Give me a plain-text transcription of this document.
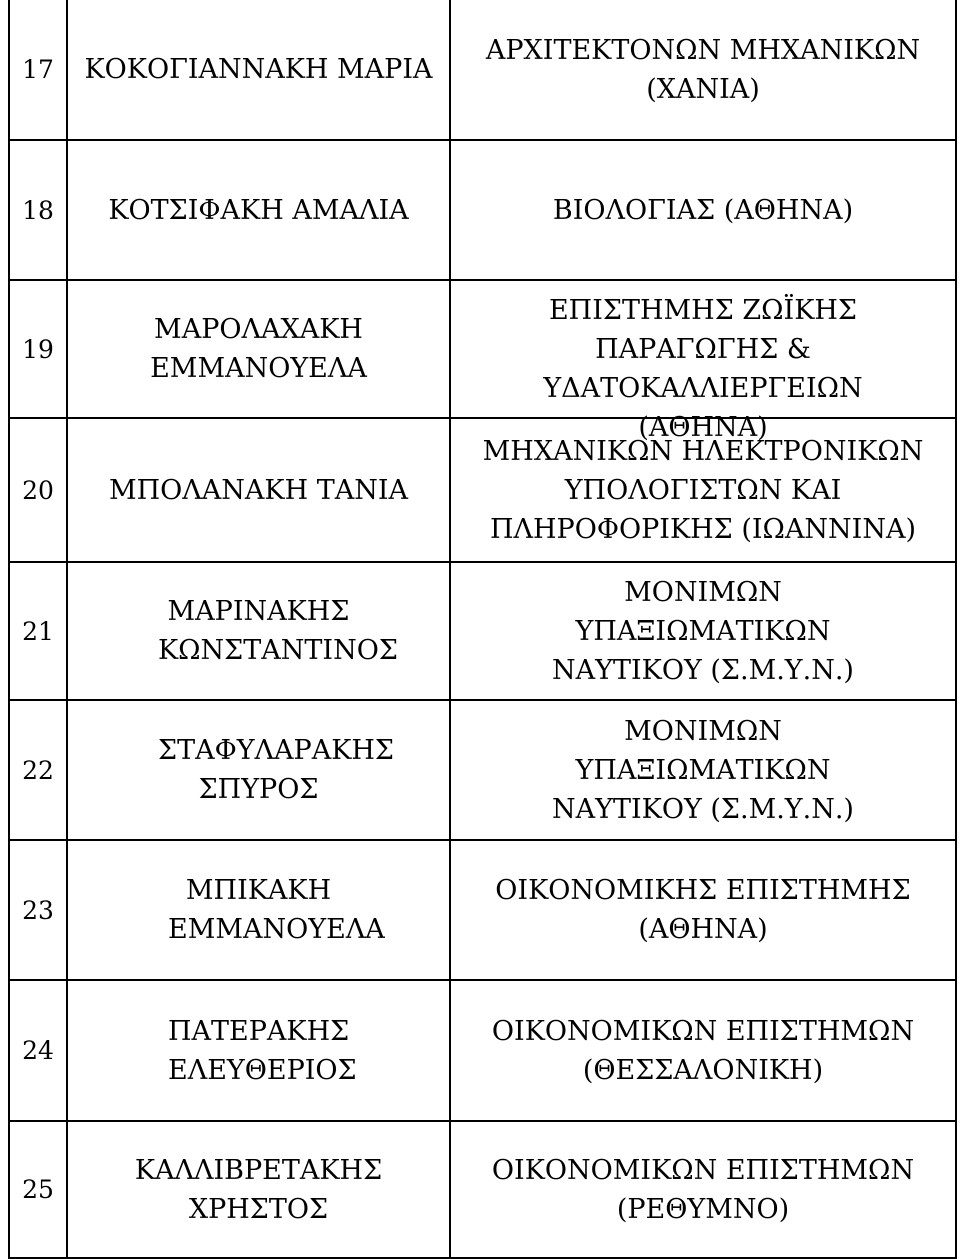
17	ΚΟΚΟΓΙΑΝΝΑΚΗ ΜΑΡΙΑ	ΑΡΧΙΤΕΚΤΟΝΩΝ ΜΗΧΑΝΙΚΩΝ (ΧΑΝΙΑ)
18	ΚΟΤΣΙΦΑΚΗ ΑΜΑΛΙΑ	ΒΙΟΛΟΓΙΑΣ (ΑΘΗΝΑ)
19	ΜΑΡΟΛΑΧΑΚΗ ΕΜΜΑΝΟΥΕΛΑ	ΕΠΙΣΤΗΜΗΣ ΖΩΪΚΗΣ ΠΑΡΑΓΩΓΗΣ & ΥΔΑΤΟΚΑΛΛΙΕΡΓΕΙΩΝ (ΑΘΗΝΑ)

20	ΜΠΟΛΑΝΑΚΗ ΤΑΝΙΑ	ΜΗΧΑΝΙΚΩΝ ΗΛΕΚΤΡΟΝΙΚΩΝ ΥΠΟΛΟΓΙΣΤΩΝ ΚΑΙ ΠΛΗΡΟΦΟΡΙΚΗΣ (ΙΩΑΝΝΙΝΑ)
21	ΜΑΡΙΝΑΚΗΣ ΚΩΝΣΤΑΝΤΙΝΟΣ	ΜΟΝΙΜΩΝ ΥΠΑΞΙΩΜΑΤΙΚΩΝ ΝΑΥΤΙΚΟΥ (Σ.Μ.Υ.Ν.)
22	ΣΤΑΦΥΛΑΡΑΚΗΣ ΣΠΥΡΟΣ	ΜΟΝΙΜΩΝ ΥΠΑΞΙΩΜΑΤΙΚΩΝ ΝΑΥΤΙΚΟΥ (Σ.Μ.Υ.Ν.)
23	ΜΠΙΚΑΚΗ ΕΜΜΑΝΟΥΕΛΑ	ΟΙΚΟΝΟΜΙΚΗΣ ΕΠΙΣΤΗΜΗΣ (ΑΘΗΝΑ)
24	ΠΑΤΕΡΑΚΗΣ ΕΛΕΥΘΕΡΙΟΣ	ΟΙΚΟΝΟΜΙΚΩΝ ΕΠΙΣΤΗΜΩΝ (ΘΕΣΣΑΛΟΝΙΚΗ)
25	ΚΑΛΛΙΒΡΕΤΑΚΗΣ ΧΡΗΣΤΟΣ	ΟΙΚΟΝΟΜΙΚΩΝ ΕΠΙΣΤΗΜΩΝ (ΡΕΘΥΜΝΟ)
